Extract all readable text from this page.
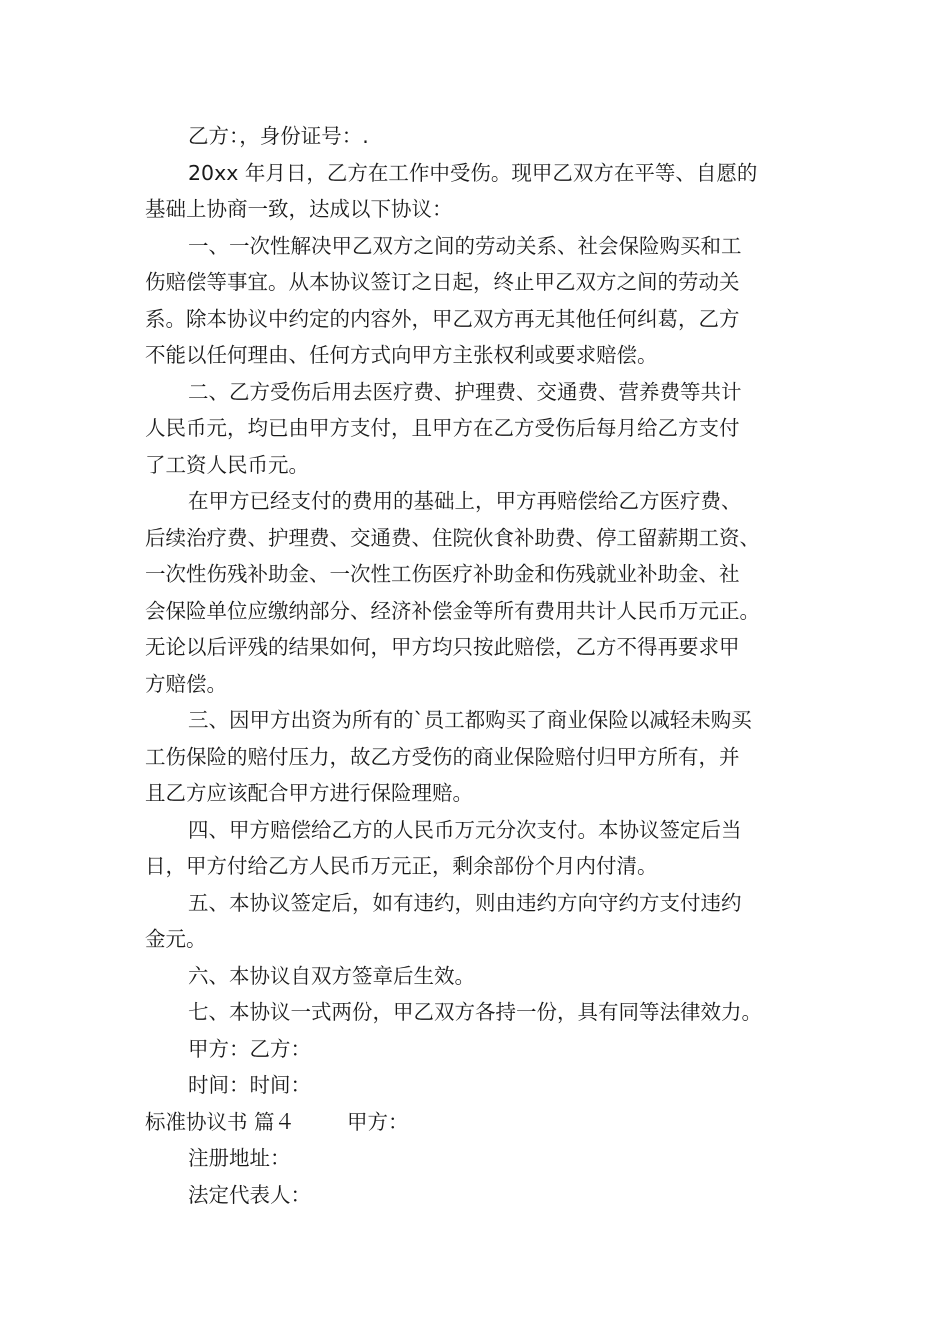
乙方：，身份证号：.
20xx 年月日，乙方在工作中受伤。现甲乙双方在平等、自愿的
基础上协商一致，达成以下协议：
一、一次性解决甲乙双方之间的劳动关系、社会保险购买和工
伤赔偿等事宜。从本协议签订之日起，终止甲乙双方之间的劳动关
系。除本协议中约定的内容外，甲乙双方再无其他任何纠葛，乙方
不能以任何理由、任何方式向甲方主张权利或要求赔偿。
二、乙方受伤后用去医疗费、护理费、交通费、营养费等共计
人民币元，均已由甲方支付，且甲方在乙方受伤后每月给乙方支付
了工资人民币元。
在甲方已经支付的费用的基础上，甲方再赔偿给乙方医疗费、
后续治疗费、护理费、交通费、住院伙食补助费、停工留薪期工资、
一次性伤残补助金、一次性工伤医疗补助金和伤残就业补助金、社
会保险单位应缴纳部分、经济补偿金等所有费用共计人民币万元正。
无论以后评残的结果如何，甲方均只按此赔偿，乙方不得再要求甲
方赔偿。
三、因甲方出资为所有的`员工都购买了商业保险以减轻未购买
工伤保险的赔付压力，故乙方受伤的商业保险赔付归甲方所有，并
且乙方应该配合甲方进行保险理赔。
四、甲方赔偿给乙方的人民币万元分次支付。本协议签定后当
日，甲方付给乙方人民币万元正，剩余部份个月内付清。
五、本协议签定后，如有违约，则由违约方向守约方支付违约
金元。
六、本协议自双方签章后生效。
七、本协议一式两份，甲乙双方各持一份，具有同等法律效力。
甲方：乙方：
时间：时间：
标准协议书 篇４	甲方：
注册地址：
法定代表人：
